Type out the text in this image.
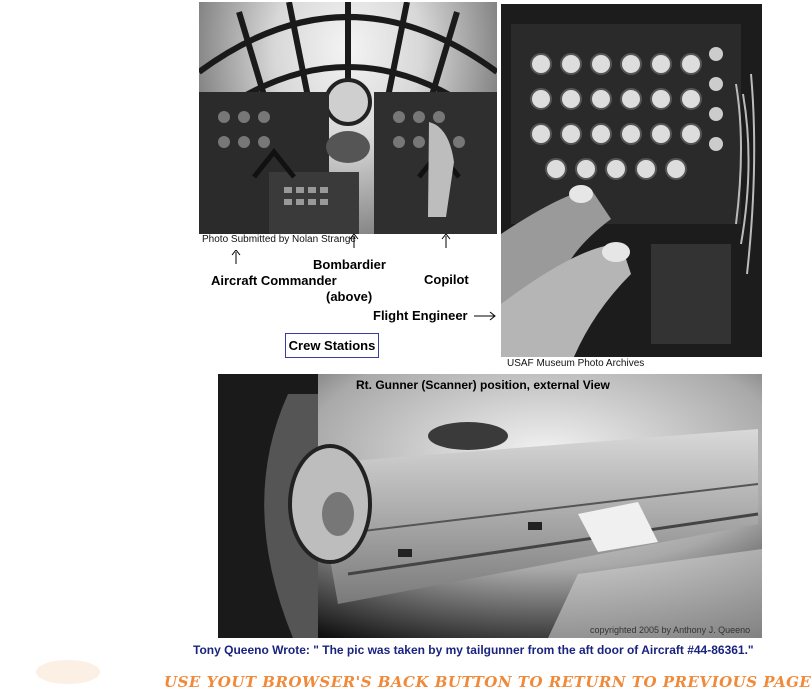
Photo Submitted by Nolan Strange
Aircraft Commander
Bombardier
(above)
Copilot
Flight Engineer
Crew Stations
USAF Museum Photo Archives
Rt. Gunner (Scanner) position, external View
copyrighted 2005 by Anthony J. Queeno
Tony Queeno Wrote: " The pic was taken by my tailgunner from the aft door of Aircraft #44-86361."
USE YOUT BROWSER'S BACK BUTTON TO RETURN TO PREVIOUS PAGE
